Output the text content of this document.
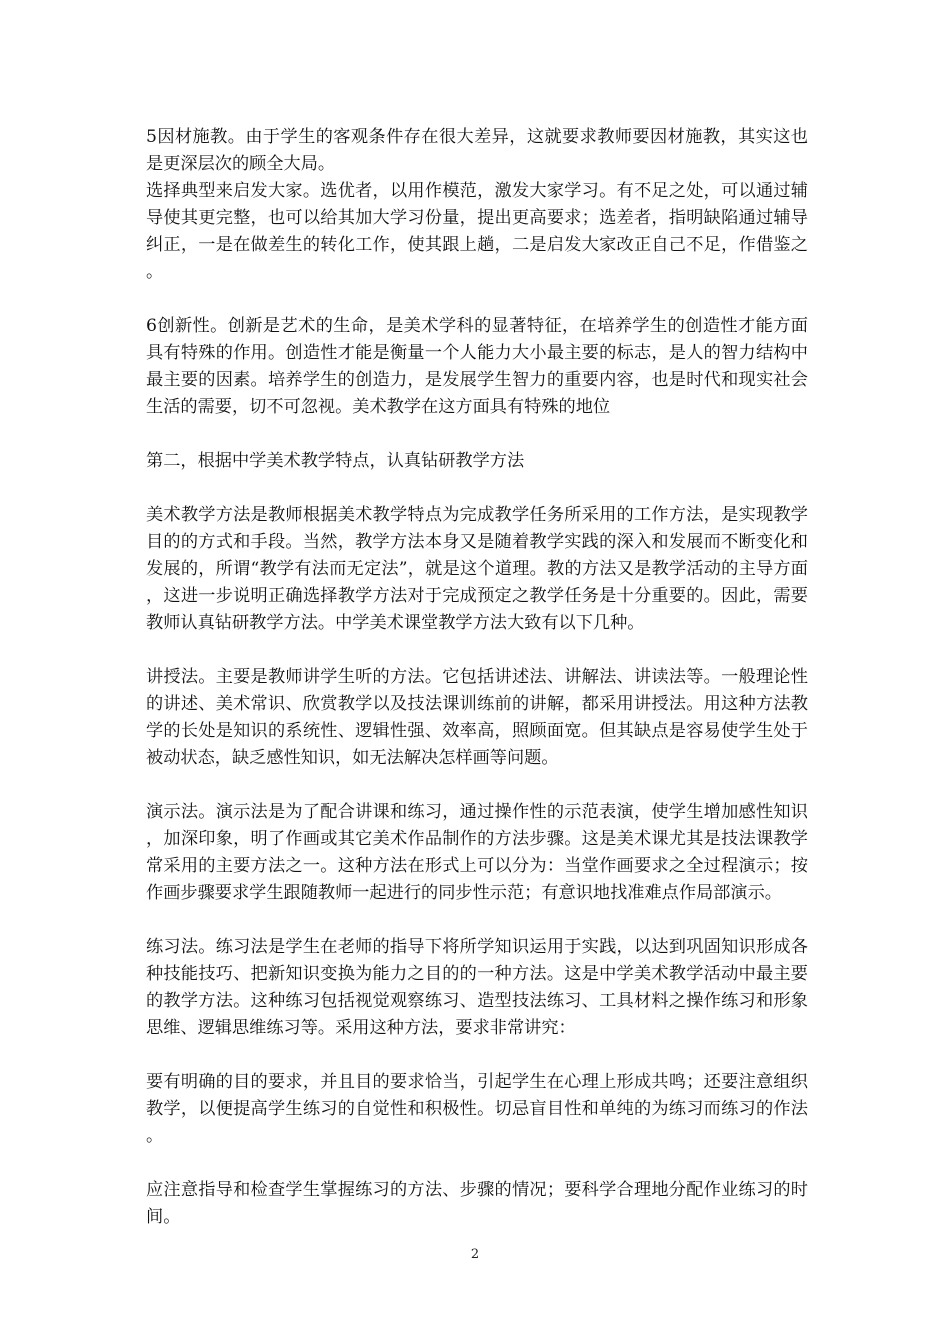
5因材施教。由于学生的客观条件存在很大差异，这就要求教师要因材施教，其实这也是更深层次的顾全大局。

选择典型来启发大家。选优者，以用作模范，激发大家学习。有不足之处，可以通过辅导使其更完整，也可以给其加大学习份量，提出更高要求；选差者，指明缺陷通过辅导纠正，一是在做差生的转化工作，使其跟上趟，二是启发大家改正自己不足，作借鉴之。

6创新性。创新是艺术的生命，是美术学科的显著特征，在培养学生的创造性才能方面具有特殊的作用。创造性才能是衡量一个人能力大小最主要的标志，是人的智力结构中最主要的因素。培养学生的创造力，是发展学生智力的重要内容，也是时代和现实社会生活的需要，切不可忽视。美术教学在这方面具有特殊的地位

第二，根据中学美术教学特点，认真钻研教学方法

美术教学方法是教师根据美术教学特点为完成教学任务所采用的工作方法，是实现教学目的的方式和手段。当然，教学方法本身又是随着教学实践的深入和发展而不断变化和发展的，所谓“教学有法而无定法”，就是这个道理。教的方法又是教学活动的主导方面，这进一步说明正确选择教学方法对于完成预定之教学任务是十分重要的。因此，需要教师认真钻研教学方法。中学美术课堂教学方法大致有以下几种。

讲授法。主要是教师讲学生听的方法。它包括讲述法、讲解法、讲读法等。一般理论性的讲述、美术常识、欣赏教学以及技法课训练前的讲解，都采用讲授法。用这种方法教学的长处是知识的系统性、逻辑性强、效率高，照顾面宽。但其缺点是容易使学生处于被动状态，缺乏感性知识，如无法解决怎样画等问题。

演示法。演示法是为了配合讲课和练习，通过操作性的示范表演，使学生增加感性知识，加深印象，明了作画或其它美术作品制作的方法步骤。这是美术课尤其是技法课教学常采用的主要方法之一。这种方法在形式上可以分为：当堂作画要求之全过程演示；按作画步骤要求学生跟随教师一起进行的同步性示范；有意识地找准难点作局部演示。

练习法。练习法是学生在老师的指导下将所学知识运用于实践，以达到巩固知识形成各种技能技巧、把新知识变换为能力之目的的一种方法。这是中学美术教学活动中最主要的教学方法。这种练习包括视觉观察练习、造型技法练习、工具材料之操作练习和形象思维、逻辑思维练习等。采用这种方法，要求非常讲究：

要有明确的目的要求，并且目的要求恰当，引起学生在心理上形成共鸣；还要注意组织教学，以便提高学生练习的自觉性和积极性。切忌盲目性和单纯的为练习而练习的作法。

应注意指导和检查学生掌握练习的方法、步骤的情况；要科学合理地分配作业练习的时间。

2
